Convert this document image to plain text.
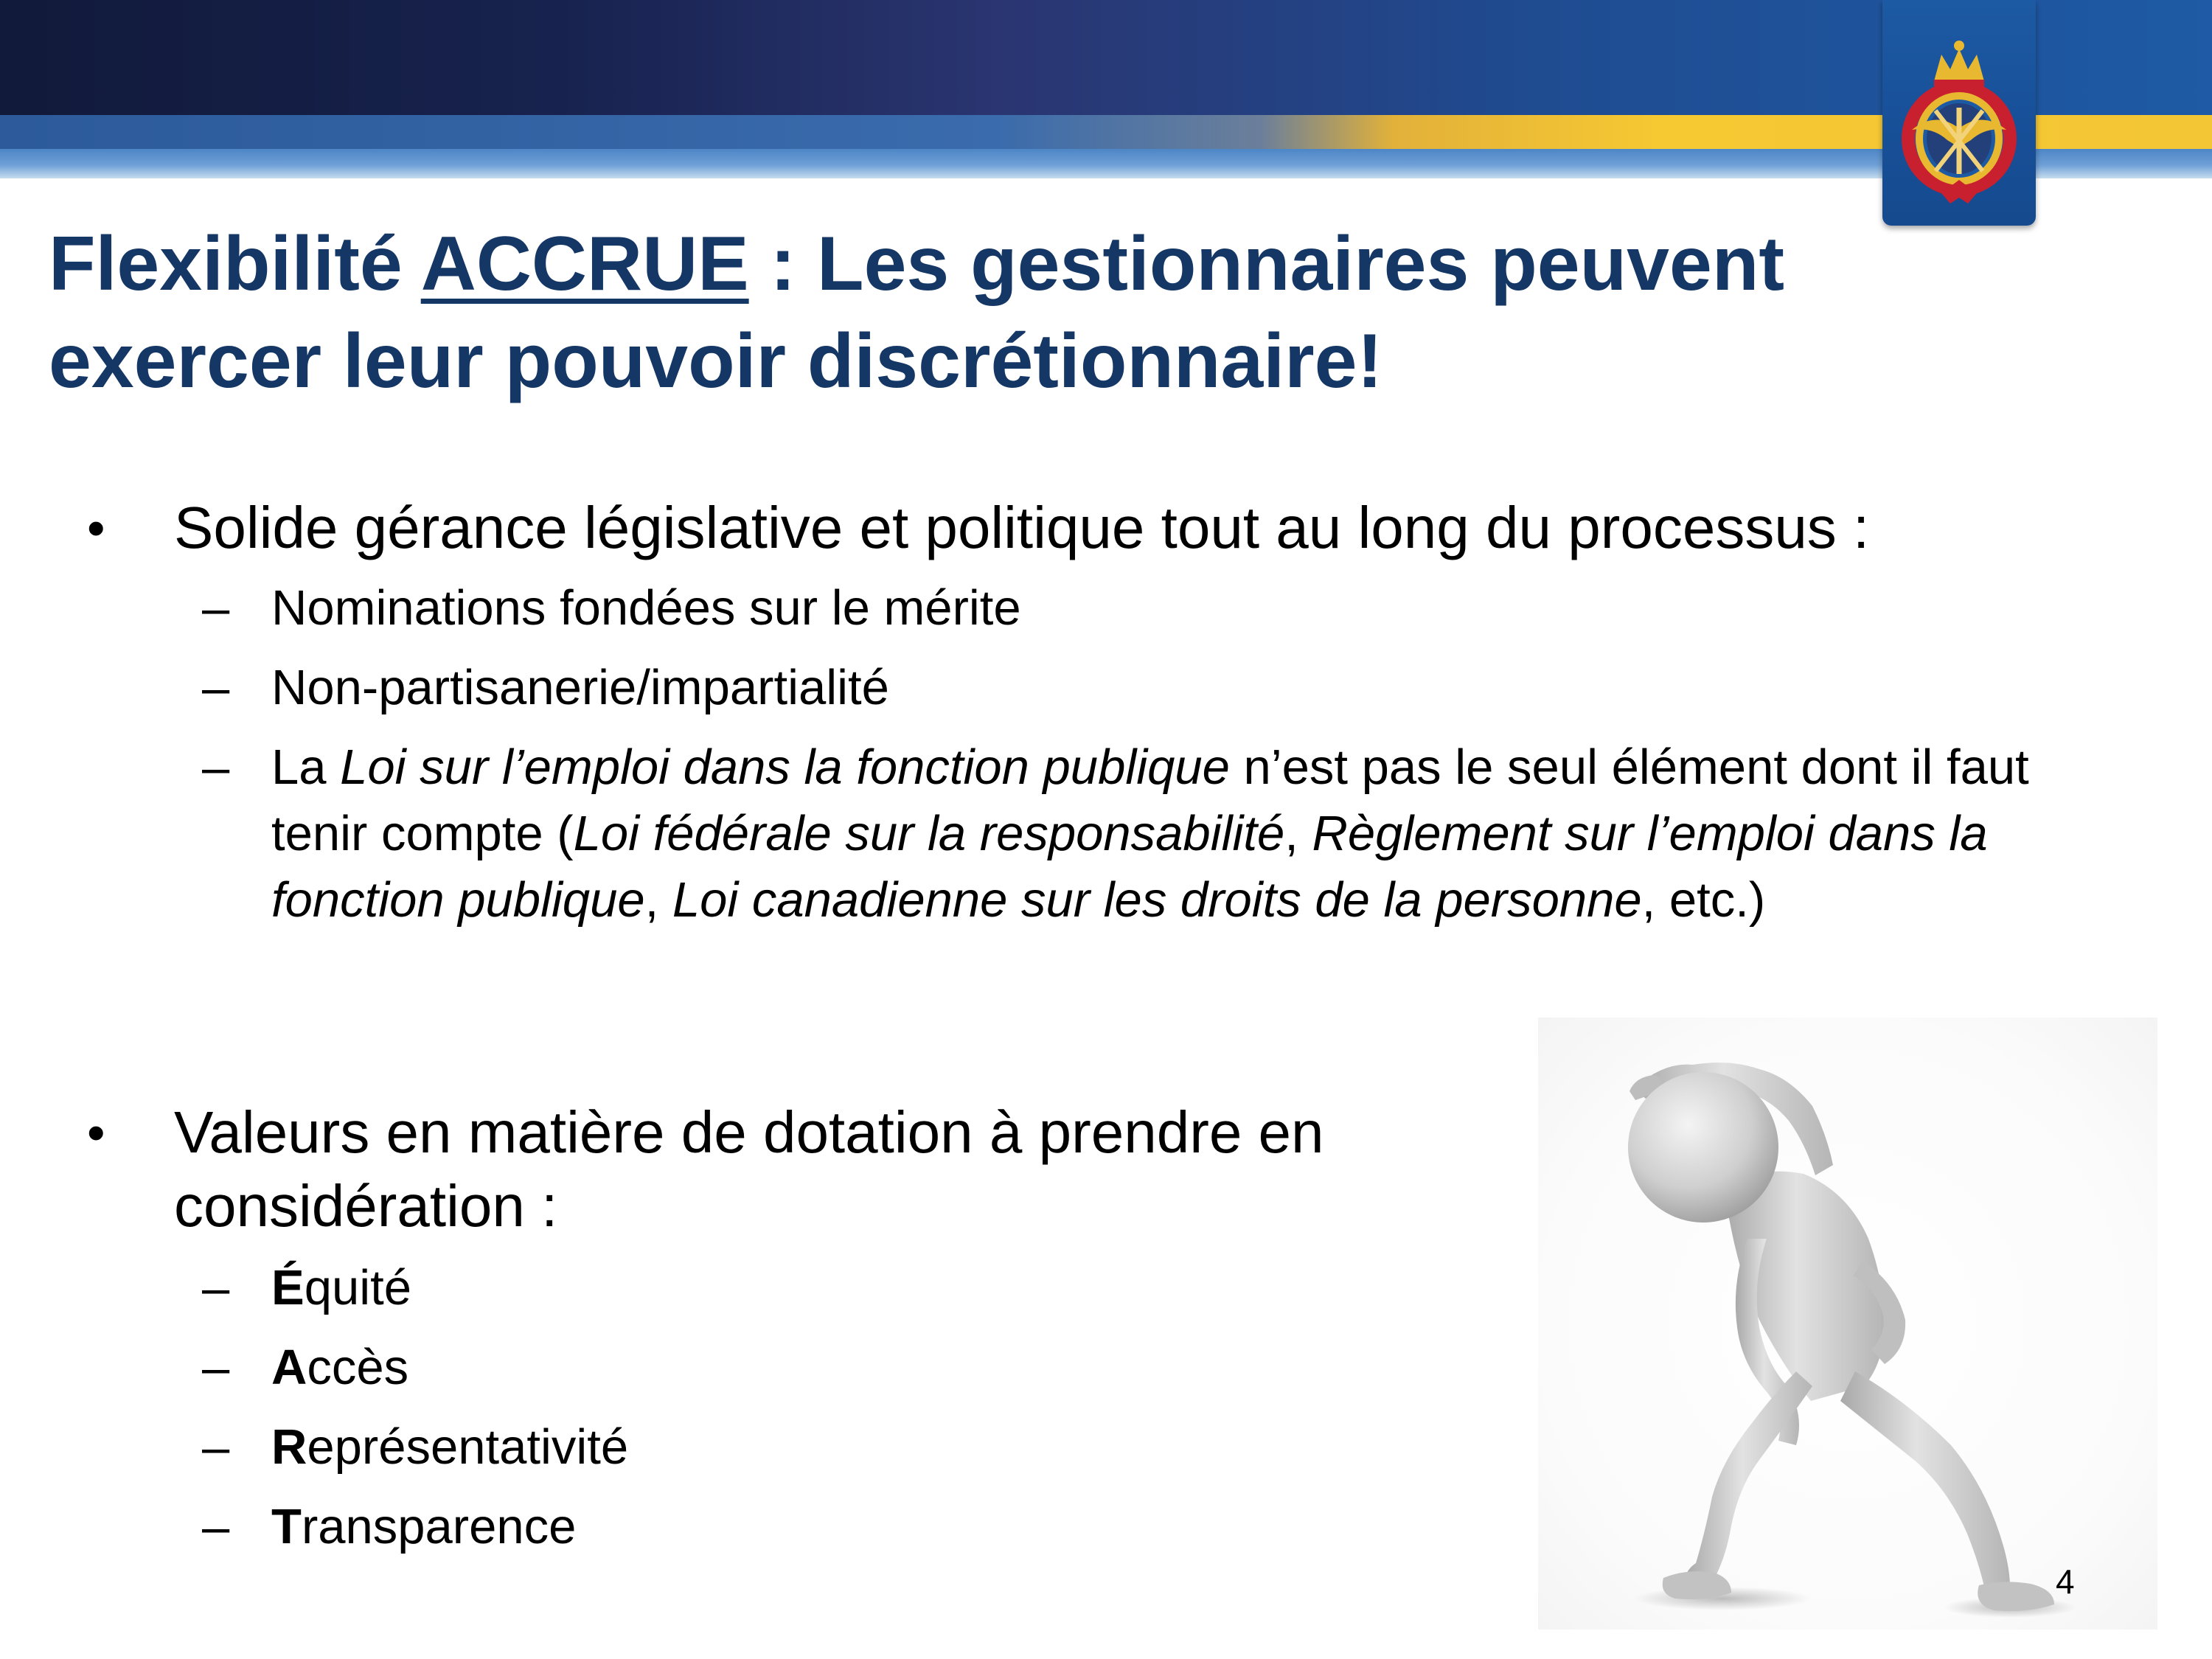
Flexibilité ACCRUE : Les gestionnaires peuvent
exercer leur pouvoir discrétionnaire!
• Solide gérance législative et politique tout au long du processus :
– Nominations fondées sur le mérite
– Non-partisanerie/impartialité
– La Loi sur l’emploi dans la fonction publique n’est pas le seul élément dont il faut tenir compte (Loi fédérale sur la responsabilité, Règlement sur l’emploi dans la fonction publique, Loi canadienne sur les droits de la personne, etc.)
• Valeurs en matière de dotation à prendre en considération :
– Équité
– Accès
– Représentativité
– Transparence
4
